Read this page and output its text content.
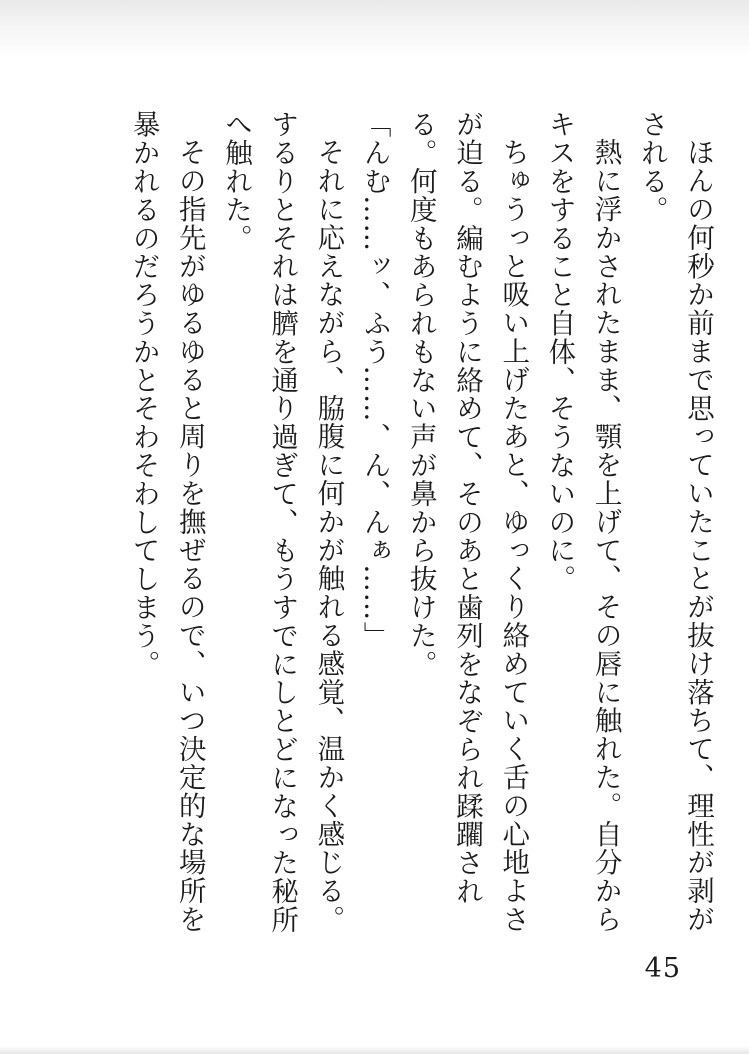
ほんの何秒か前まで思っていたことが抜け落ちて、理性が剥がされる。

熱に浮かされたまま、顎を上げて、その唇に触れた。自分からキスをすること自体、そうないのに。

ちゅうっと吸い上げたあと、ゆっくり絡めていく舌の心地よさが迫る。編むように絡めて、そのあと歯列をなぞられ蹂躙される。何度もあられもない声が鼻から抜けた。

「んむ……ッ、ふう……、ん、んぁ……」

それに応えながら、脇腹に何かが触れる感覚、温かく感じる。するりとそれは臍を通り過ぎて、もうすでにしとどになった秘所へ触れた。

その指先がゆるゆると周りを撫ぜるので、いつ決定的な場所を暴かれるのだろうかとそわそわしてしまう。

45
